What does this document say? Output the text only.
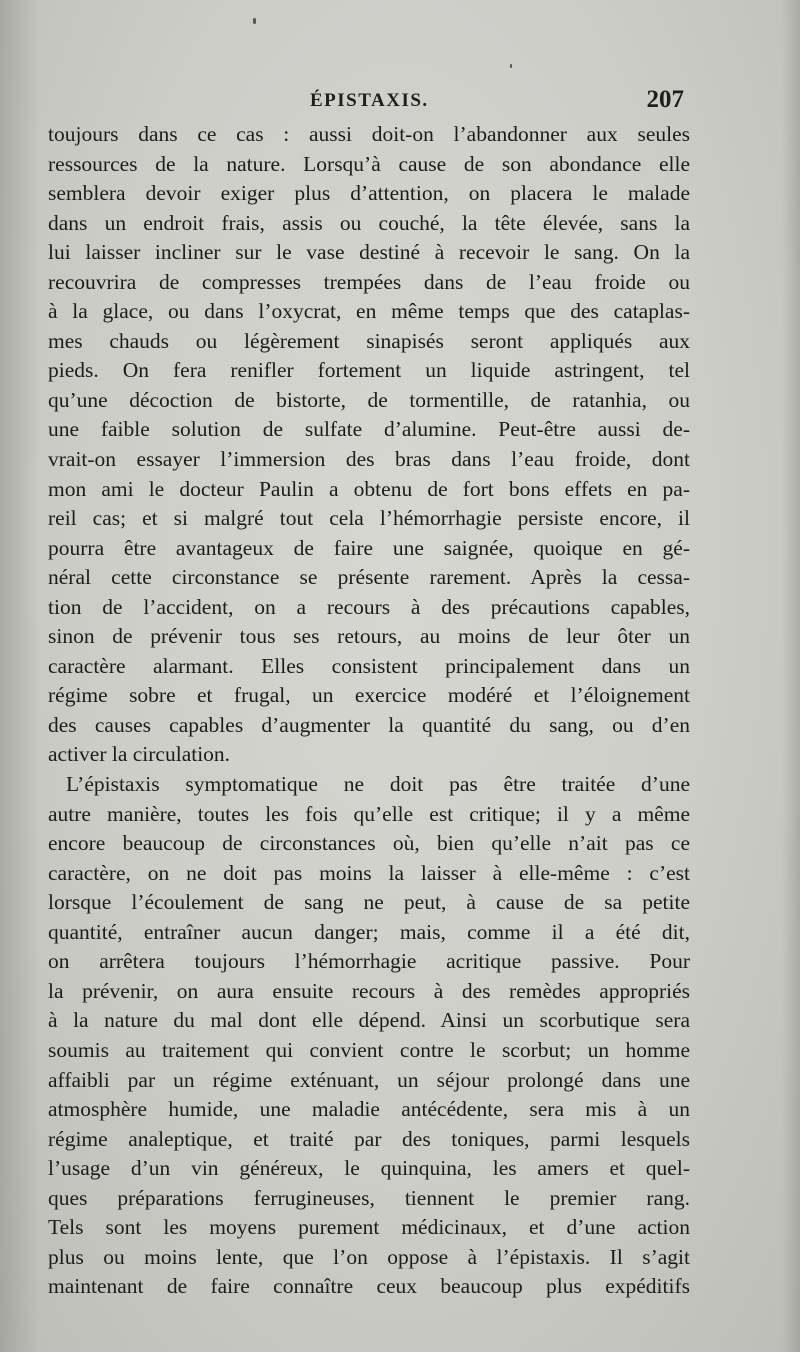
ÉPISTAXIS.	207
toujours dans ce cas : aussi doit-on l’abandonner aux seules
ressources de la nature. Lorsqu’à cause de son abondance elle
semblera devoir exiger plus d’attention, on placera le malade
dans un endroit frais, assis ou couché, la tête élevée, sans la
lui laisser incliner sur le vase destiné à recevoir le sang. On la
recouvrira de compresses trempées dans de l’eau froide ou
à la glace, ou dans l’oxycrat, en même temps que des cataplas-
mes chauds ou légèrement sinapisés seront appliqués aux
pieds. On fera renifler fortement un liquide astringent, tel
qu’une décoction de bistorte, de tormentille, de ratanhia, ou
une faible solution de sulfate d’alumine. Peut-être aussi de-
vrait-on essayer l’immersion des bras dans l’eau froide, dont
mon ami le docteur Paulin a obtenu de fort bons effets en pa-
reil cas; et si malgré tout cela l’hémorrhagie persiste encore, il
pourra être avantageux de faire une saignée, quoique en gé-
néral cette circonstance se présente rarement. Après la cessa-
tion de l’accident, on a recours à des précautions capables,
sinon de prévenir tous ses retours, au moins de leur ôter un
caractère alarmant. Elles consistent principalement dans un
régime sobre et frugal, un exercice modéré et l’éloignement
des causes capables d’augmenter la quantité du sang, ou d’en
activer la circulation.
L’épistaxis symptomatique ne doit pas être traitée d’une
autre manière, toutes les fois qu’elle est critique; il y a même
encore beaucoup de circonstances où, bien qu’elle n’ait pas ce
caractère, on ne doit pas moins la laisser à elle-même : c’est
lorsque l’écoulement de sang ne peut, à cause de sa petite
quantité, entraîner aucun danger; mais, comme il a été dit,
on arrêtera toujours l’hémorrhagie acritique passive. Pour
la prévenir, on aura ensuite recours à des remèdes appropriés
à la nature du mal dont elle dépend. Ainsi un scorbutique sera
soumis au traitement qui convient contre le scorbut; un homme
affaibli par un régime exténuant, un séjour prolongé dans une
atmosphère humide, une maladie antécédente, sera mis à un
régime analeptique, et traité par des toniques, parmi lesquels
l’usage d’un vin généreux, le quinquina, les amers et quel-
ques préparations ferrugineuses, tiennent le premier rang.
Tels sont les moyens purement médicinaux, et d’une action
plus ou moins lente, que l’on oppose à l’épistaxis. Il s’agit
maintenant de faire connaître ceux beaucoup plus expéditifs
